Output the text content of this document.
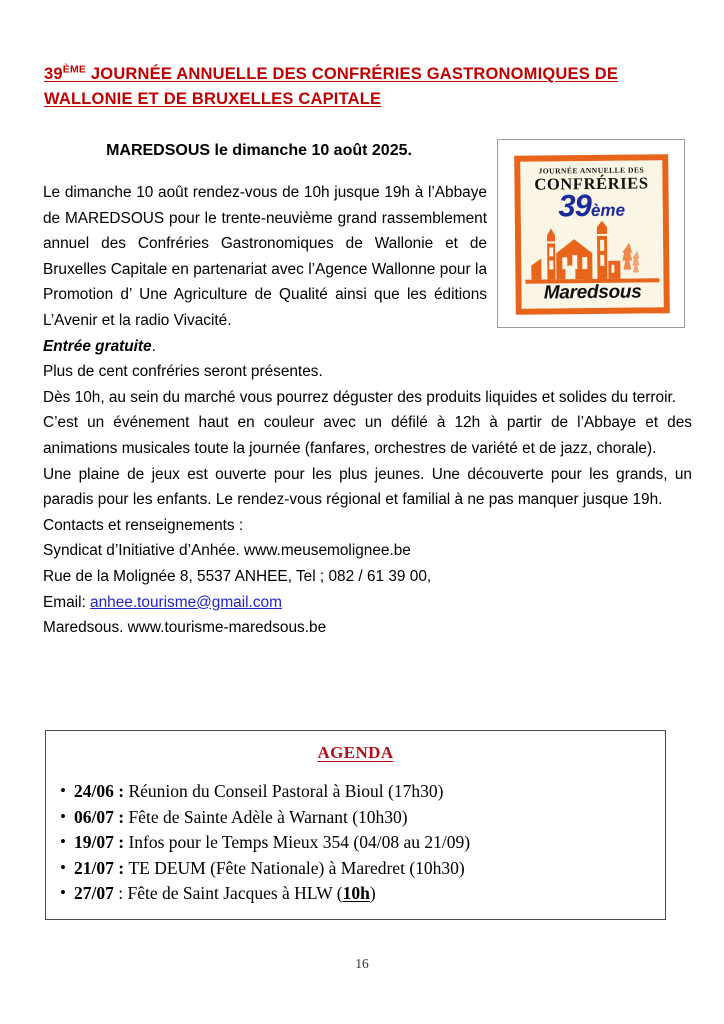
39ÈME JOURNÉE ANNUELLE DES CONFRÉRIES GASTRONOMIQUES DE
WALLONIE ET DE BRUXELLES CAPITALE
MAREDSOUS le dimanche 10 août 2025.
JOURNÉE ANNUELLE DES
CONFRÉRIES
39ème
Maredsous

Le dimanche 10 août rendez-vous de 10h jusque 19h à l’Abbaye de MAREDSOUS pour le trente-neuvième grand rassemblement annuel des Confréries Gastronomiques de Wallonie et de Bruxelles Capitale en partenariat avec l’Agence Wallonne pour la Promotion d’ Une Agriculture de Qualité ainsi que les éditions L’Avenir et la radio Vivacité.

Entrée gratuite.

Plus de cent confréries seront présentes.

Dès 10h, au sein du marché vous pourrez déguster des produits liquides et solides du terroir.

C’est un événement haut en couleur avec un défilé à 12h à partir de l’Abbaye et des animations musicales toute la journée (fanfares, orchestres de variété et de jazz, chorale).

Une plaine de jeux est ouverte pour les plus jeunes. Une découverte pour les grands, un paradis pour les enfants. Le rendez-vous régional et familial à ne pas manquer jusque 19h.

Contacts et renseignements :

Syndicat d’Initiative d’Anhée. www.meusemolignee.be

Rue de la Molignée 8, 5537 ANHEE, Tel ; 082 / 61 39 00,

Email: anhee.tourisme@gmail.com

Maredsous. www.tourisme-maredsous.be

AGENDA
• 24/06 : Réunion du Conseil Pastoral à Bioul (17h30)
• 06/07 : Fête de Sainte Adèle à Warnant (10h30)
• 19/07 : Infos pour le Temps Mieux 354 (04/08 au 21/09)
• 21/07 : TE DEUM (Fête Nationale) à Maredret (10h30)
• 27/07 : Fête de Saint Jacques à HLW (10h)
16
